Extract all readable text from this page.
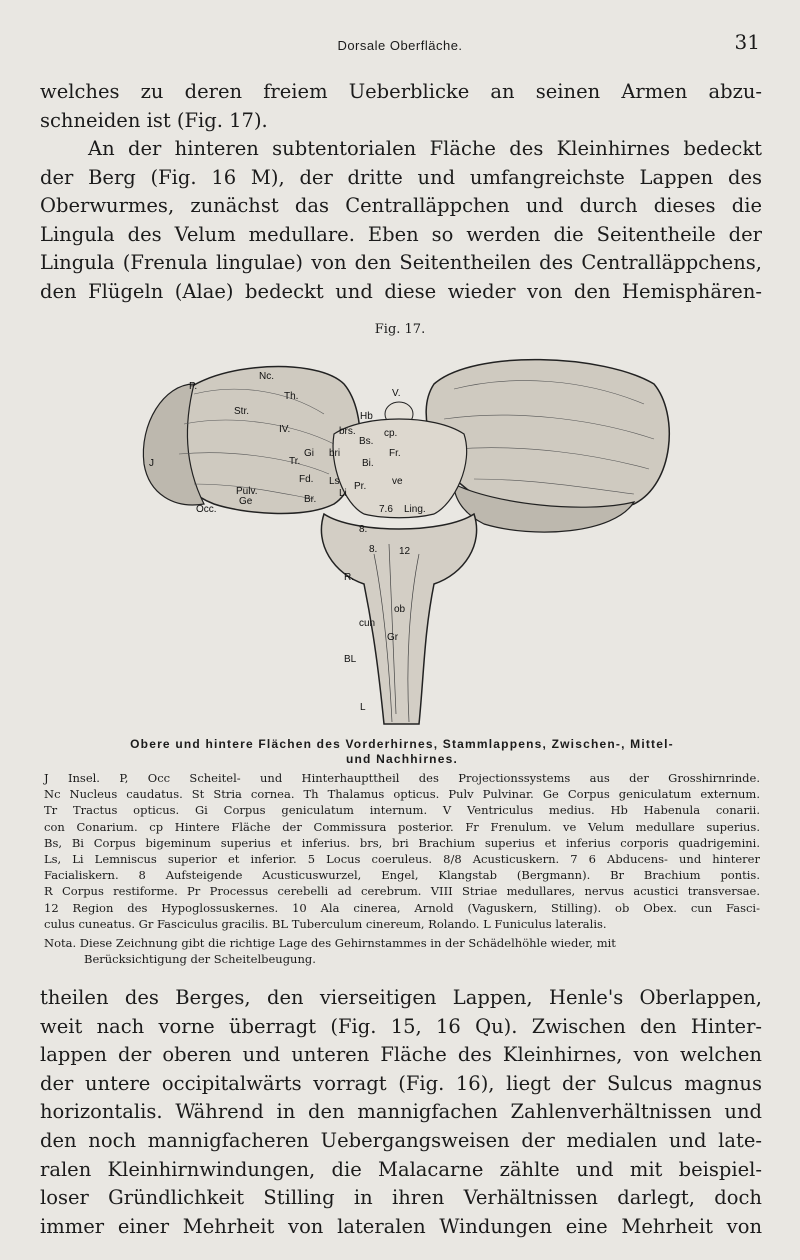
Dorsale Oberfläche.	31
welches zu deren freiem Ueberblicke an seinen Armen abzu-
schneiden ist (Fig. 17).
An der hinteren subtentorialen Fläche des Kleinhirnes bedeckt
der Berg (Fig. 16 M), der dritte und umfangreichste Lappen des
Oberwurmes, zunächst das Centralläppchen und durch dieses die
Lingula des Velum medullare. Eben so werden die Seitentheile der
Lingula (Frenula lingulae) von den Seitentheilen des Centralläppchens,
den Flügeln (Alae) bedeckt und diese wieder von den Hemisphären-
Fig. 17.
P.
Nc.
Str.
Th.	V.
IV.
Hb
cp.
brs.
Bs.
Fr.
bri
Bi.
Gi
Tr.
Fd.
J
Pulv.
Ls
Li
Pr.
Ge
Occ.
Br.
ve
7.6 Ling.
8.
8. 12
R.
ob
cun
Gr
BL
L
Obere und hintere Flächen des Vorderhirnes, Stammlappens, Zwischen-, Mittel-
und Nachhirnes.
J Insel. P, Occ Scheitel- und Hinterhaupttheil des Projectionssystems aus der Grosshirnrinde.
Nc Nucleus caudatus. St Stria cornea. Th Thalamus opticus. Pulv Pulvinar. Ge Corpus geniculatum externum.
Tr Tractus opticus. Gi Corpus geniculatum internum. V Ventriculus medius. Hb Habenula conarii.
con Conarium. cp Hintere Fläche der Commissura posterior. Fr Frenulum. ve Velum medullare superius.
Bs, Bi Corpus bigeminum superius et inferius. brs, bri Brachium superius et inferius corporis quadrigemini.
Ls, Li Lemniscus superior et inferior. 5 Locus coeruleus. 8/8 Acusticuskern. 7 6 Abducens- und hinterer
Facialiskern. 8 Aufsteigende Acusticuswurzel, Engel, Klangstab (Bergmann). Br Brachium pontis.
R Corpus restiforme. Pr Processus cerebelli ad cerebrum. VIII Striae medullares, nervus acustici transversae.
12 Region des Hypoglossuskernes. 10 Ala cinerea, Arnold (Vaguskern, Stilling). ob Obex. cun Fasci-
culus cuneatus. Gr Fasciculus gracilis. BL Tuberculum cinereum, Rolando. L Funiculus lateralis.
Nota. Diese Zeichnung gibt die richtige Lage des Gehirnstammes in der Schädelhöhle wieder, mit
Berücksichtigung der Scheitelbeugung.
theilen des Berges, den vierseitigen Lappen, Henle's Oberlappen,
weit nach vorne überragt (Fig. 15, 16 Qu). Zwischen den Hinter-
lappen der oberen und unteren Fläche des Kleinhirnes, von welchen
der untere occipitalwärts vorragt (Fig. 16), liegt der Sulcus magnus
horizontalis. Während in den mannigfachen Zahlenverhältnissen und
den noch mannigfacheren Uebergangsweisen der medialen und late-
ralen Kleinhirnwindungen, die Malacarne zählte und mit beispiel-
loser Gründlichkeit Stilling in ihren Verhältnissen darlegt, doch
immer einer Mehrheit von lateralen Windungen eine Mehrheit von
